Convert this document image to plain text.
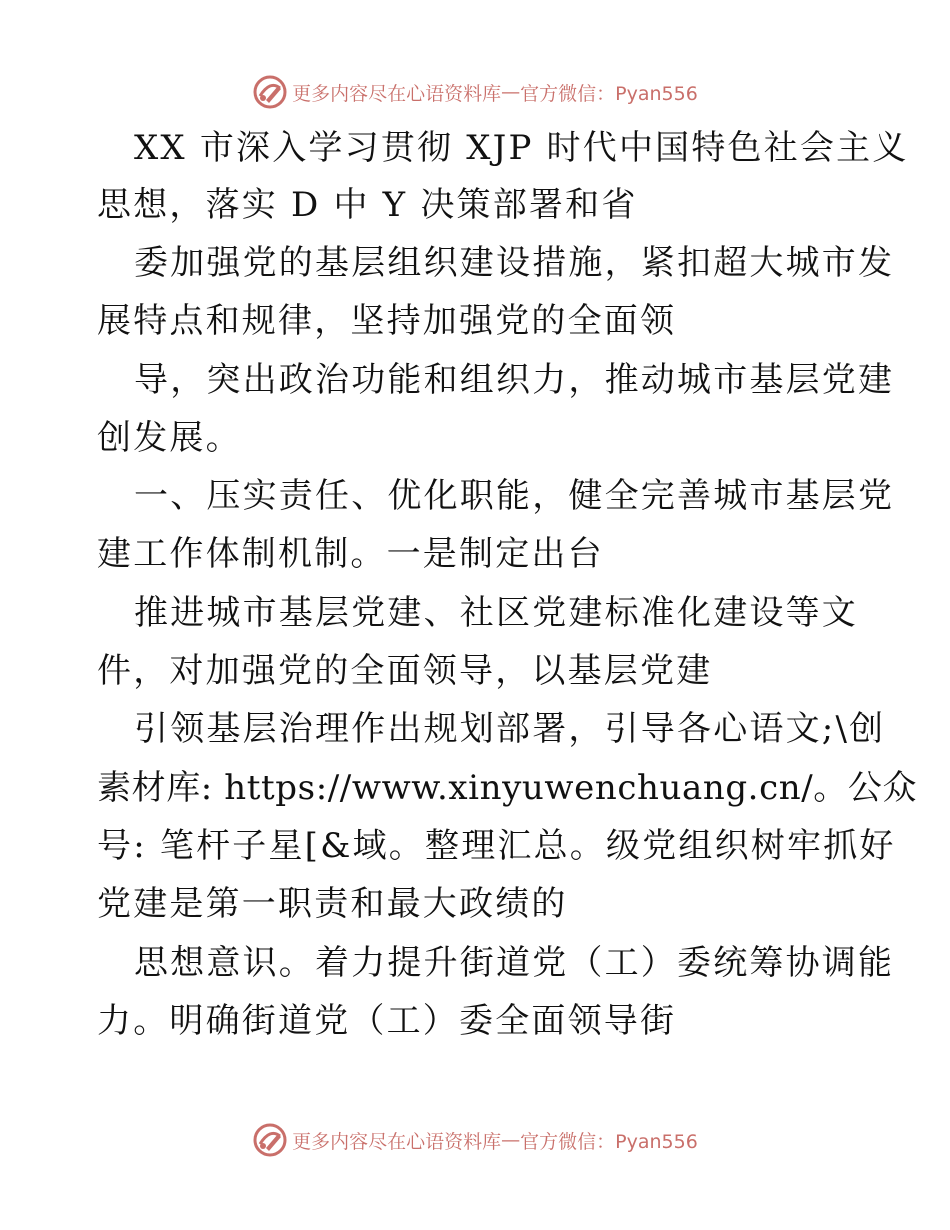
更多内容尽在心语资料库 — 官方微信：Pyan556
XX 市深入学习贯彻 XJP 时代中国特色社会主义
思想，落实 D 中 Y 决策部署和省
委加强党的基层组织建设措施，紧扣超大城市发
展特点和规律，坚持加强党的全面领
导，突出政治功能和组织力，推动城市基层党建
创发展。
一、压实责任、优化职能，健全完善城市基层党
建工作体制机制。一是制定出台
推进城市基层党建、社区党建标准化建设等文
件，对加强党的全面领导，以基层党建
引领基层治理作出规划部署，引导各心语文;\创
素材库: https://www.xinyuwenchuang.cn/。公众
号: 笔杆子星[&域。整理汇总。级党组织树牢抓好
党建是第一职责和最大政绩的
思想意识。着力提升街道党（工）委统筹协调能
力。明确街道党（工）委全面领导街
更多内容尽在心语资料库 — 官方微信：Pyan556
